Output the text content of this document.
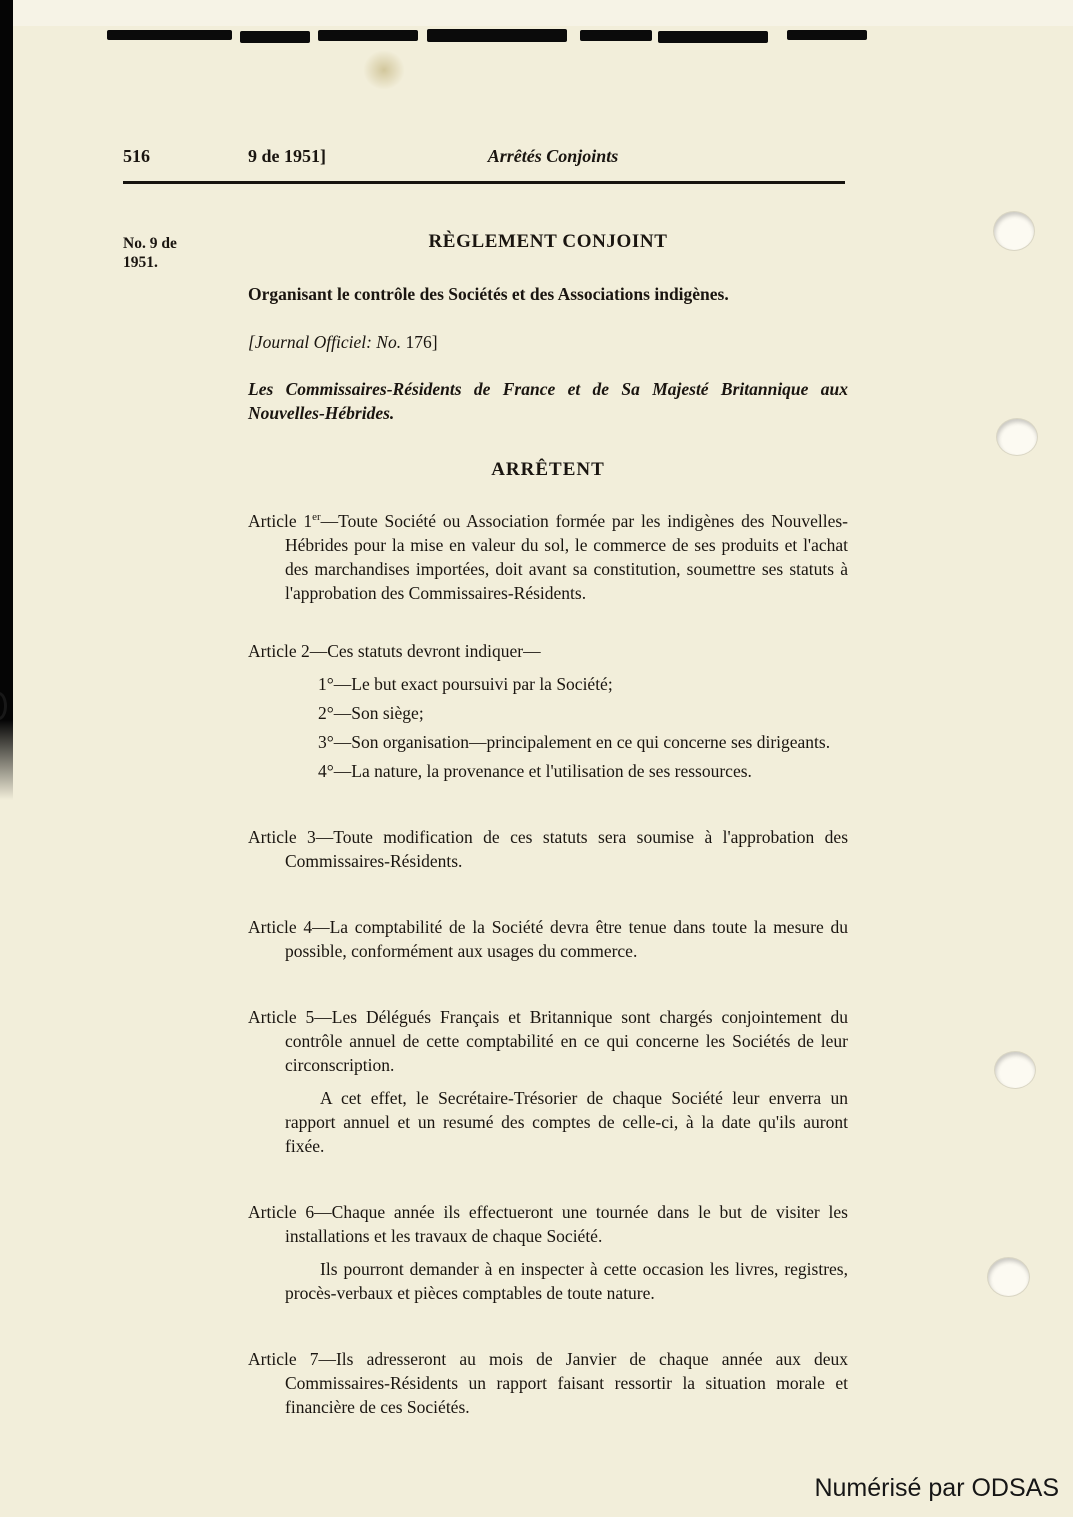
516	9 de 1951]	Arrêtés Conjoints
No. 9 de
1951.
RÈGLEMENT CONJOINT

Organisant le contrôle des Sociétés et des Associations indigènes.

[Journal Officiel: No. 176]

Les Commissaires-Résidents de France et de Sa Majesté Britannique aux Nouvelles-Hébrides.

ARRÊTENT

Article 1er—Toute Société ou Association formée par les indigènes des Nouvelles-Hébrides pour la mise en valeur du sol, le commerce de ses produits et l'achat des marchandises importées, doit avant sa constitution, soumettre ses statuts à l'approbation des Commissaires-Résidents.

Article 2—Ces statuts devront indiquer—

1°—Le but exact poursuivi par la Société;

2°—Son siège;

3°—Son organisation—principalement en ce qui concerne ses dirigeants.

4°—La nature, la provenance et l'utilisation de ses ressources.

Article 3—Toute modification de ces statuts sera soumise à l'approbation des Commissaires-Résidents.

Article 4—La comptabilité de la Société devra être tenue dans toute la mesure du possible, conformément aux usages du commerce.

Article 5—Les Délégués Français et Britannique sont chargés conjointement du contrôle annuel de cette comptabilité en ce qui concerne les Sociétés de leur circonscription.

A cet effet, le Secrétaire-Trésorier de chaque Société leur enverra un rapport annuel et un resumé des comptes de celle-ci, à la date qu'ils auront fixée.

Article 6—Chaque année ils effectueront une tournée dans le but de visiter les installations et les travaux de chaque Société.

Ils pourront demander à en inspecter à cette occasion les livres, registres, procès-verbaux et pièces comptables de toute nature.

Article 7—Ils adresseront au mois de Janvier de chaque année aux deux Commissaires-Résidents un rapport faisant ressortir la situation morale et financière de ces Sociétés.

Numérisé par ODSAS
